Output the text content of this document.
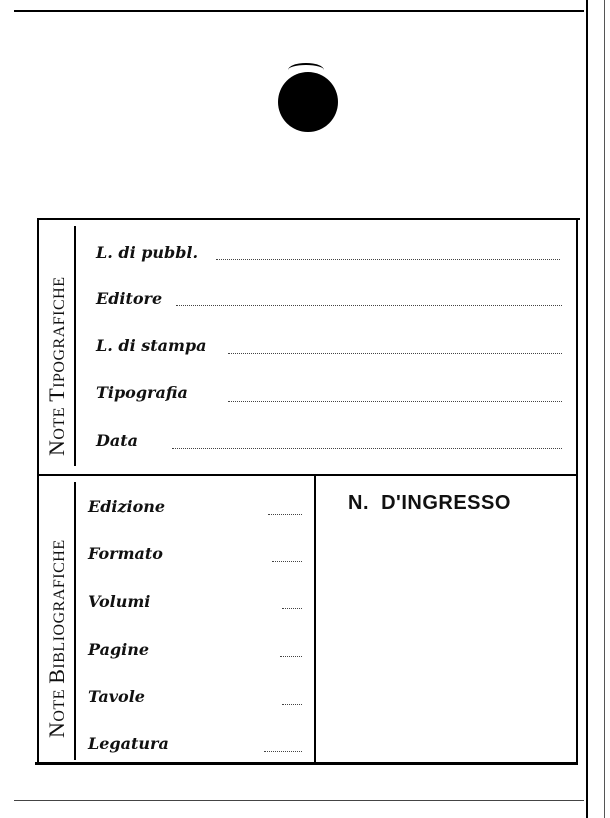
NOTE TIPOGRAFICHE
NOTE BIBLIOGRAFICHE
L. di pubbl.
Editore
L. di stampa
Tipografia
Data
Edizione
Formato
Volumi
Pagine
Tavole
Legatura
N.  D'INGRESSO
